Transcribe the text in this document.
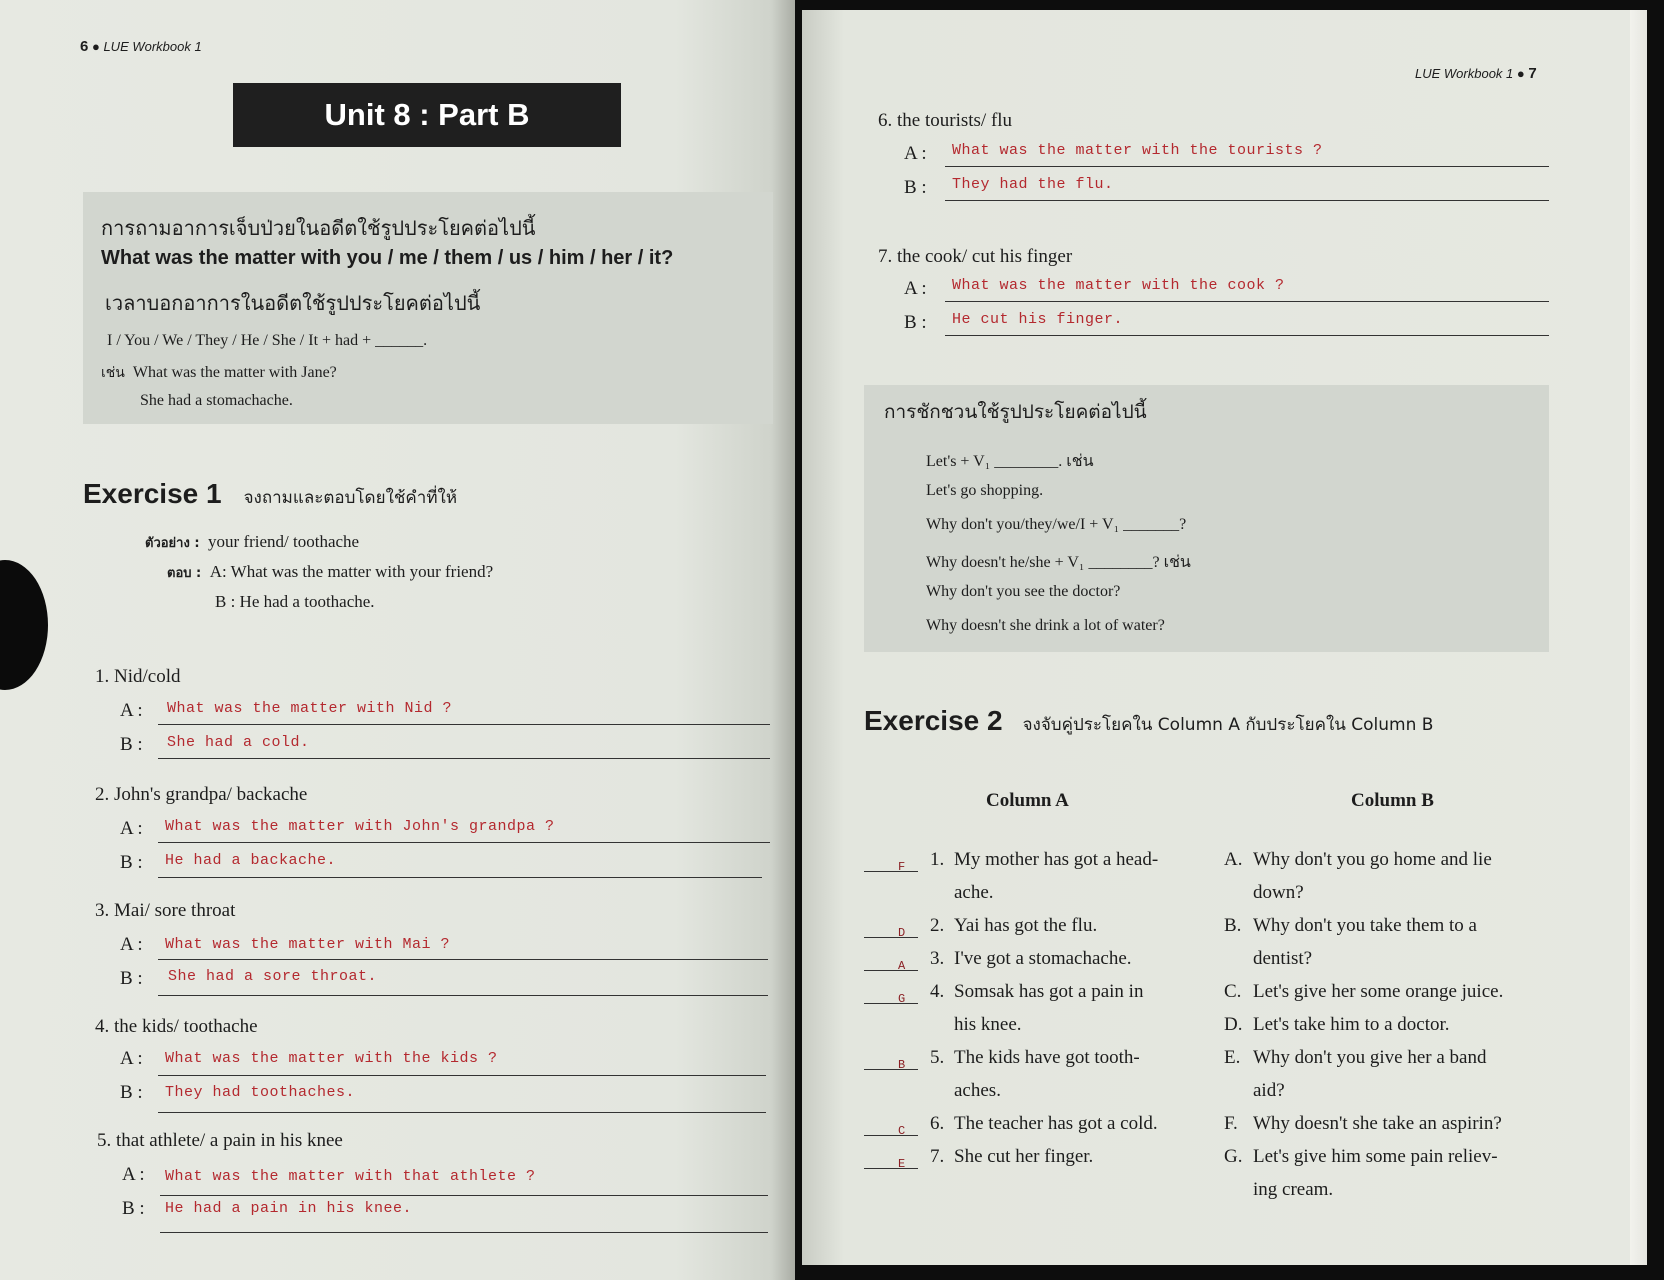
6 ● LUE Workbook 1
Unit 8 : Part B
การถามอาการเจ็บป่วยในอดีตใช้รูปประโยคต่อไปนี้
What was the matter with you / me / them / us / him / her / it?
เวลาบอกอาการในอดีตใช้รูปประโยคต่อไปนี้
I / You / We / They / He / She / It + had + ______.
เช่น What was the matter with Jane?
She had a stomachache.
Exercise 1 จงถามและตอบโดยใช้คำที่ให้
ตัวอย่าง : your friend/ toothache
ตอบ : A: What was the matter with your friend?
B : He had a toothache.
1. Nid/cold
A : What was the matter with Nid ?
B : She had a cold.
2. John's grandpa/ backache
A : What was the matter with John's grandpa ?
B : He had a backache.
3. Mai/ sore throat
A : What was the matter with Mai ?
B : She had a sore throat.
4. the kids/ toothache
A : What was the matter with the kids ?
B : They had toothaches.
5. that athlete/ a pain in his knee
A : What was the matter with that athlete ?
B : He had a pain in his knee.
LUE Workbook 1 ● 7
6. the tourists/ flu
A : What was the matter with the tourists ?
B : They had the flu.
7. the cook/ cut his finger
A : What was the matter with the cook ?
B : He cut his finger.
การชักชวนใช้รูปประโยคต่อไปนี้
Let's + V₁ ________. เช่น
Let's go shopping.
Why don't you/they/we/I + V₁ _______?
Why doesn't he/she + V₁ ________? เช่น
Why don't you see the doctor?
Why doesn't she drink a lot of water?
Exercise 2 จงจับคู่ประโยคใน Column A กับประโยคใน Column B
Column A	Column B
F 1. My mother has got a head-
ache.
D 2. Yai has got the flu.
A 3. I've got a stomachache.
G 4. Somsak has got a pain in
his knee.
B 5. The kids have got tooth-
aches.
C 6. The teacher has got a cold.
E 7. She cut her finger.
A. Why don't you go home and lie
down?
B. Why don't you take them to a
dentist?
C. Let's give her some orange juice.
D. Let's take him to a doctor.
E. Why don't you give her a band
aid?
F. Why doesn't she take an aspirin?
G. Let's give him some pain reliev-
ing cream.
